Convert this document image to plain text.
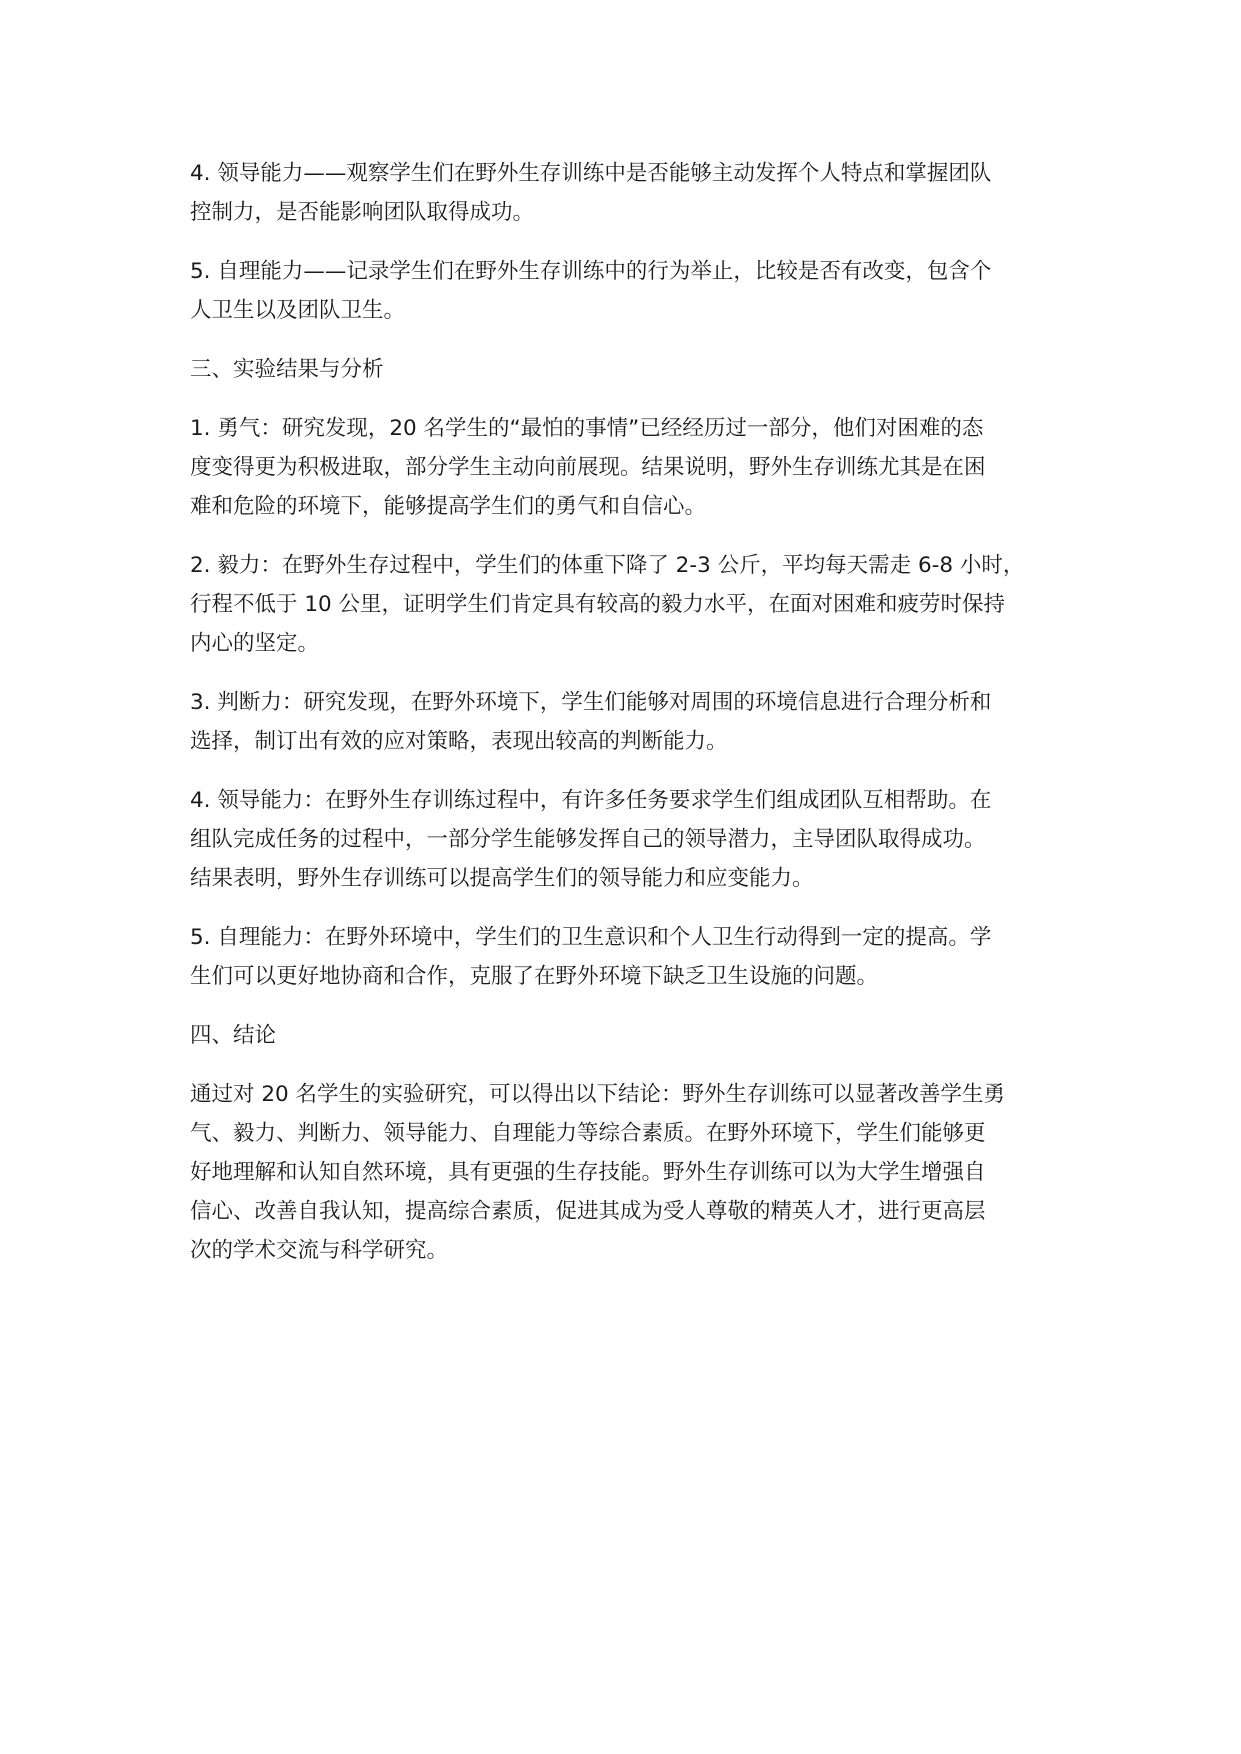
4. 领导能力——观察学生们在野外生存训练中是否能够主动发挥个人特点和掌握团队
控制力，是否能影响团队取得成功。
5. 自理能力——记录学生们在野外生存训练中的行为举止，比较是否有改变，包含个
人卫生以及团队卫生。
三、实验结果与分析
1. 勇气：研究发现，20 名学生的“最怕的事情”已经经历过一部分，他们对困难的态
度变得更为积极进取，部分学生主动向前展现。结果说明，野外生存训练尤其是在困
难和危险的环境下，能够提高学生们的勇气和自信心。
2. 毅力：在野外生存过程中，学生们的体重下降了 2-3 公斤，平均每天需走 6-8 小时，
行程不低于 10 公里，证明学生们肯定具有较高的毅力水平，在面对困难和疲劳时保持
内心的坚定。
3. 判断力：研究发现，在野外环境下，学生们能够对周围的环境信息进行合理分析和
选择，制订出有效的应对策略，表现出较高的判断能力。
4. 领导能力：在野外生存训练过程中，有许多任务要求学生们组成团队互相帮助。在
组队完成任务的过程中，一部分学生能够发挥自己的领导潜力，主导团队取得成功。
结果表明，野外生存训练可以提高学生们的领导能力和应变能力。
5. 自理能力：在野外环境中，学生们的卫生意识和个人卫生行动得到一定的提高。学
生们可以更好地协商和合作，克服了在野外环境下缺乏卫生设施的问题。
四、结论
通过对 20 名学生的实验研究，可以得出以下结论：野外生存训练可以显著改善学生勇
气、毅力、判断力、领导能力、自理能力等综合素质。在野外环境下，学生们能够更
好地理解和认知自然环境，具有更强的生存技能。野外生存训练可以为大学生增强自
信心、改善自我认知，提高综合素质，促进其成为受人尊敬的精英人才，进行更高层
次的学术交流与科学研究。
